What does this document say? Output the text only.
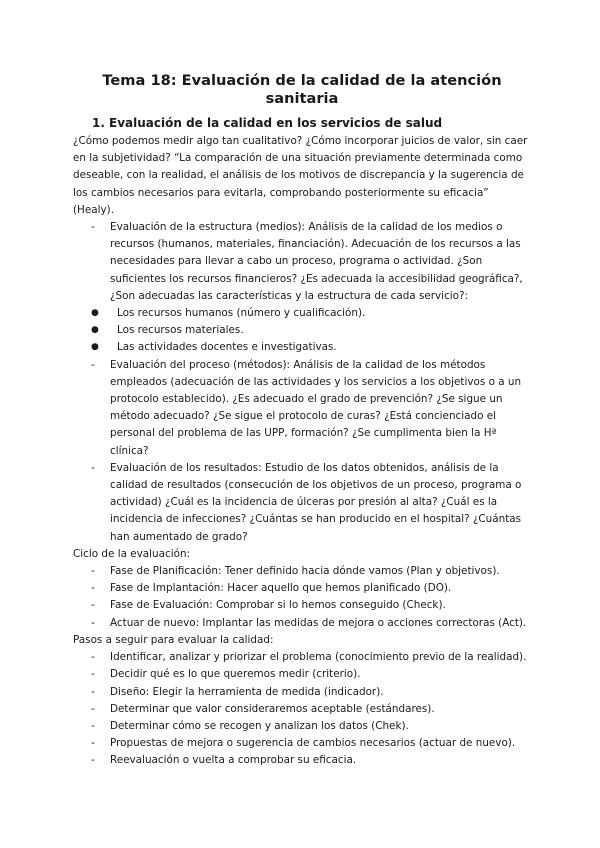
Tema 18: Evaluación de la calidad de la atención sanitaria
1. Evaluación de la calidad en los servicios de salud

¿Cómo podemos medir algo tan cualitativo? ¿Cómo incorporar juicios de valor, sin caer en la subjetividad? “La comparación de una situación previamente determinada como deseable, con la realidad, el análisis de los motivos de discrepancia y la sugerencia de los cambios necesarios para evitarla, comprobando posteriormente su eficacia” (Healy).

- Evaluación de la estructura (medios): Análisis de la calidad de los medios o recursos (humanos, materiales, financiación). Adecuación de los recursos a las necesidades para llevar a cabo un proceso, programa o actividad. ¿Son suficientes los recursos financieros? ¿Es adecuada la accesibilidad geográfica?, ¿Son adecuadas las características y la estructura de cada servicio?:
● Los recursos humanos (número y cualificación).
● Los recursos materiales.
● Las actividades docentes e investigativas.
- Evaluación del proceso (métodos): Análisis de la calidad de los métodos empleados (adecuación de las actividades y los servicios a los objetivos o a un protocolo establecido). ¿Es adecuado el grado de prevención? ¿Se sigue un método adecuado? ¿Se sigue el protocolo de curas? ¿Está concienciado el personal del problema de las UPP, formación? ¿Se cumplimenta bien la Hª clínica?
- Evaluación de los resultados: Estudio de los datos obtenidos, análisis de la calidad de resultados (consecución de los objetivos de un proceso, programa o actividad) ¿Cuál es la incidencia de úlceras por presión al alta? ¿Cuál es la incidencia de infecciones? ¿Cuántas se han producido en el hospital? ¿Cuántas han aumentado de grado?

Ciclo de la evaluación:

- Fase de Planificación: Tener definido hacia dónde vamos (Plan y objetivos).
- Fase de Implantación: Hacer aquello que hemos planificado (DO).
- Fase de Evaluación: Comprobar si lo hemos conseguido (Check).
- Actuar de nuevo: Implantar las medidas de mejora o acciones correctoras (Act).

Pasos a seguir para evaluar la calidad:

- Identificar, analizar y priorizar el problema (conocimiento previo de la realidad).
- Decidir qué es lo que queremos medir (criterio).
- Diseño: Elegir la herramienta de medida (indicador).
- Determinar que valor consideraremos aceptable (estándares).
- Determinar cómo se recogen y analizan los datos (Chek).
- Propuestas de mejora o sugerencia de cambios necesarios (actuar de nuevo).
- Reevaluación o vuelta a comprobar su eficacia.
